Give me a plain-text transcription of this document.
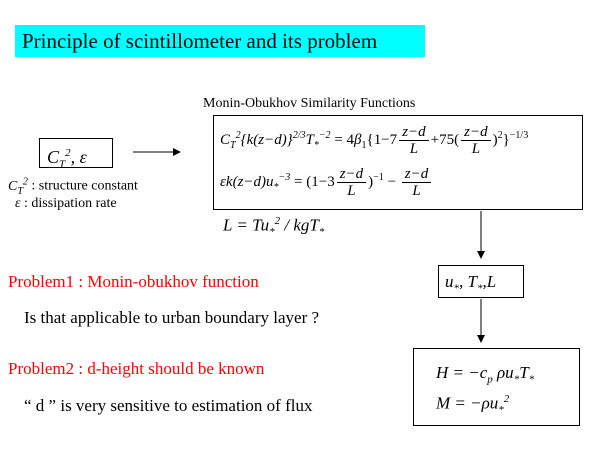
Principle of scintillometer and its problem
Monin-Obukhov Similarity Functions
$C_T^2$, ε
$C_T^2$ : structure constant
ε : dissipation rate
$C_T^2\{k(z-d)\}^{2/3}T_*^{-2} = 4\beta_1\{1-7 \frac{z-d}{L} +75( \frac{z-d}{L} )^2\}^{-1/3}$
$\varepsilon k(z-d)u_*^{-3} = (1-3 \frac{z-d}{L} )^{-1} - \frac{z-d}{L}$
$L = Tu_*^2 / kgT_*$
$u_*$, $T_*,L$
$H = -c_p$ $\rho u_*T_*$
$M = -\rho u_*^2$
Problem1 : Monin-obukhov function
Is that applicable to urban boundary layer ?
Problem2 : d-height should be known
“ d ” is very sensitive to estimation of flux
